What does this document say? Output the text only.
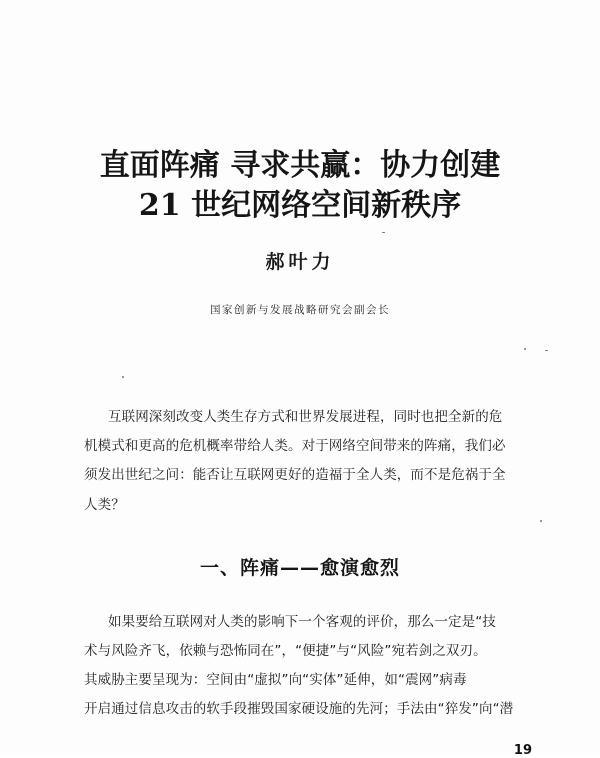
直面阵痛 寻求共赢：协力创建
21 世纪网络空间新秩序
郝叶力
国家创新与发展战略研究会副会长
互联网深刻改变人类生存方式和世界发展进程，同时也把全新的危
机模式和更高的危机概率带给人类。对于网络空间带来的阵痛，我们必
须发出世纪之问：能否让互联网更好的造福于全人类，而不是危祸于全
人类？
一、阵痛——愈演愈烈
如果要给互联网对人类的影响下一个客观的评价，那么一定是“技
术与风险齐飞，依赖与恐怖同在”，“便捷”与“风险”宛若剑之双刃。
其威胁主要呈现为：空间由“虚拟”向“实体”延伸，如“震网”病毒
开启通过信息攻击的软手段摧毁国家硬设施的先河；手法由“猝发”向“潜
19
